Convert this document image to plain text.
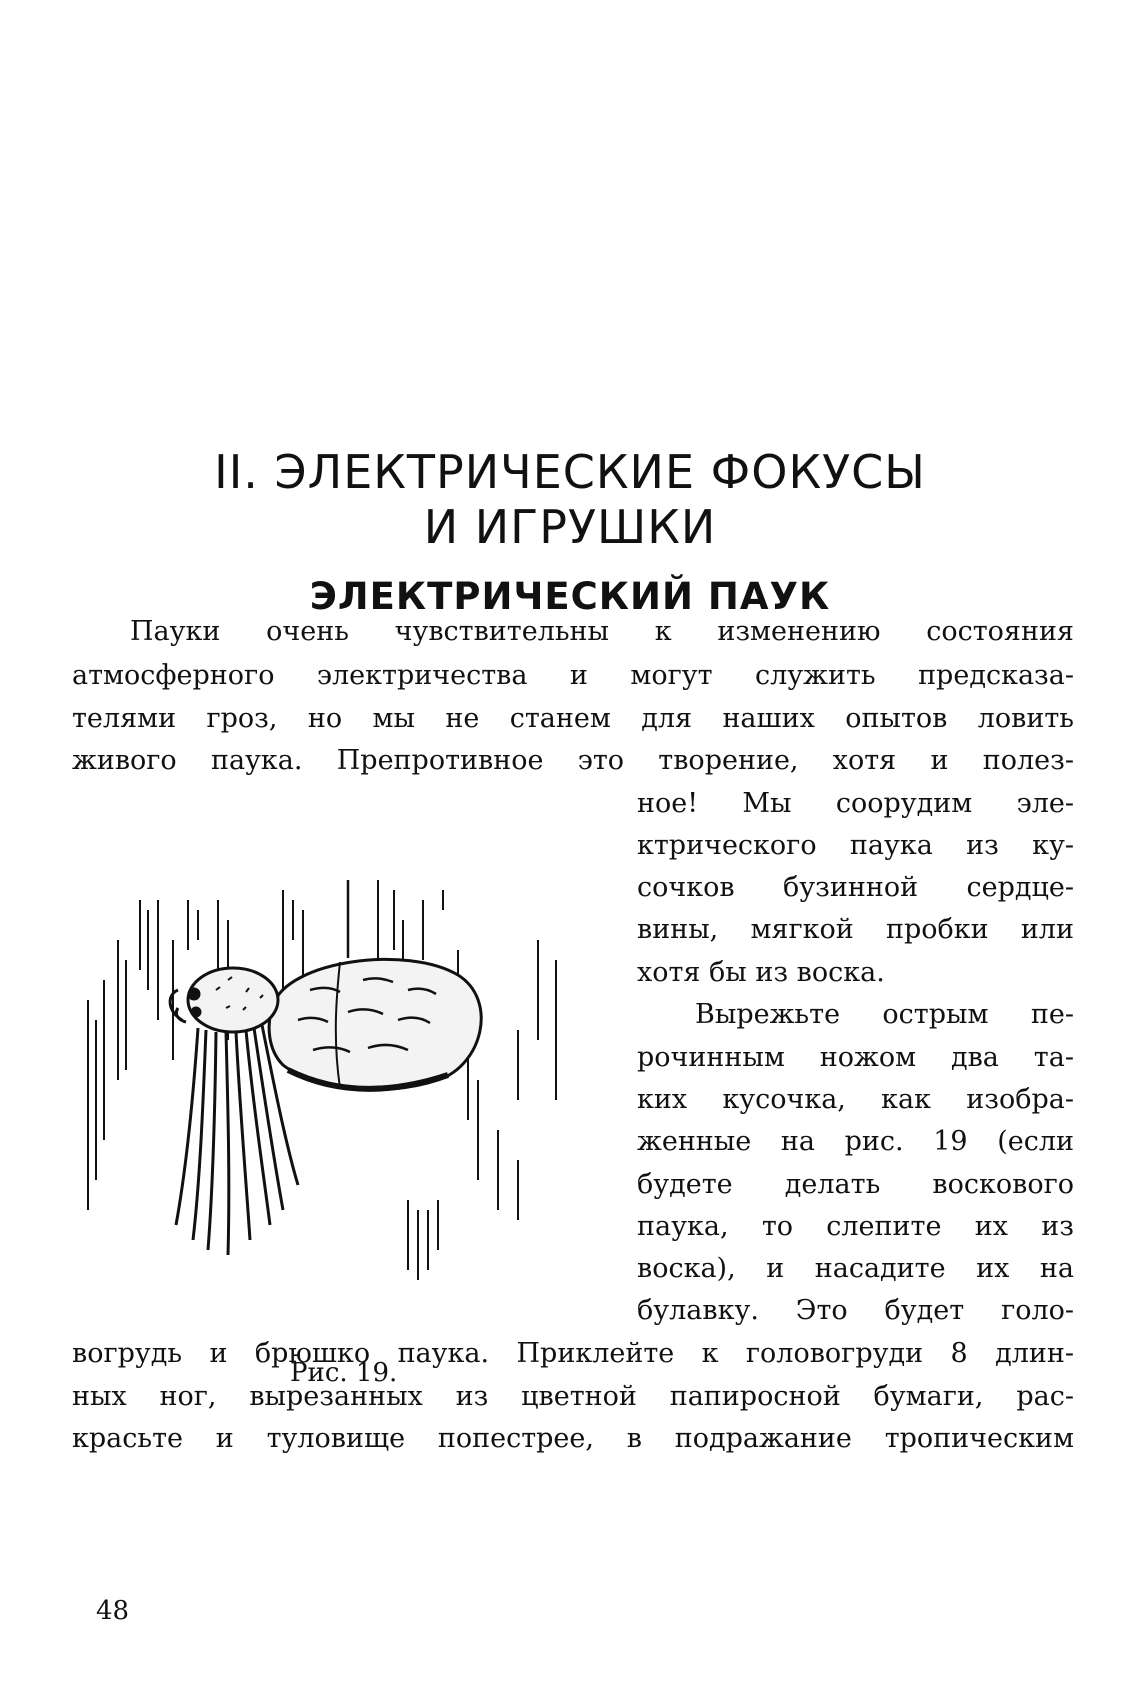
II. ЭЛЕКТРИЧЕСКИЕ ФОКУСЫ
И ИГРУШКИ
ЭЛЕКТРИЧЕСКИЙ ПАУК
Пауки очень чувствительны к изменению состояния
атмосферного электричества и могут служить предсказа-
телями гроз, но мы не станем для наших опытов ловить
живого паука. Препротивное это творение, хотя и полез-
ное! Мы соорудим эле-
ктрического паука из ку-
сочков бузинной сердце-
вины, мягкой пробки или
хотя бы из воска.
Вырежьте острым пе-
рочинным ножом два та-
ких кусочка, как изобра-
женные на рис. 19 (если
будете делать воскового
паука, то слепите их из
воска), и насадите их на
булавку. Это будет голо-
вогрудь и брюшко паука. Приклейте к головогруди 8 длин-
ных ног, вырезанных из цветной папиросной бумаги, рас-
красьте и туловище попестрее, в подражание тропическим
Рис. 19.
48
